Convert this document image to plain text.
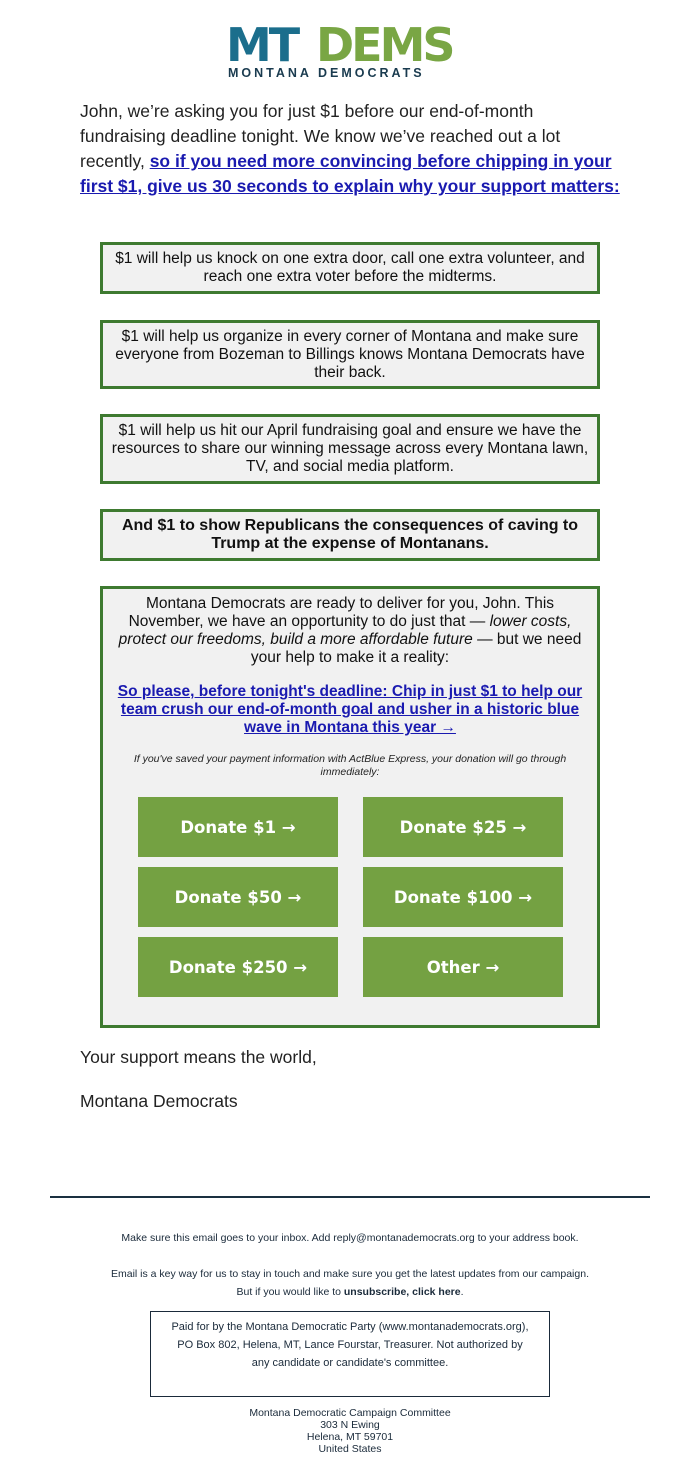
MT DEMS
MONTANA DEMOCRATS

John, we’re asking you for just $1 before our end-of-month fundraising deadline tonight. We know we’ve reached out a lot recently, so if you need more convincing before chipping in your first $1, give us 30 seconds to explain why your support matters:

$1 will help us knock on one extra door, call one extra volunteer, and reach one extra voter before the midterms.
$1 will help us organize in every corner of Montana and make sure everyone from Bozeman to Billings knows Montana Democrats have their back.
$1 will help us hit our April fundraising goal and ensure we have the resources to share our winning message across every Montana lawn, TV, and social media platform.
And $1 to show Republicans the consequences of caving to Trump at the expense of Montanans.

Montana Democrats are ready to deliver for you, John. This November, we have an opportunity to do just that — lower costs, protect our freedoms, build a more affordable future — but we need your help to make it a reality:

So please, before tonight's deadline: Chip in just $1 to help our team crush our end-of-month goal and usher in a historic blue wave in Montana this year →

If you've saved your payment information with ActBlue Express, your donation will go through immediately:

Donate $1 →	Donate $25 →
Donate $50 →	Donate $100 →
Donate $250 →	Other →

Your support means the world,

Montana Democrats

Make sure this email goes to your inbox. Add reply@montanademocrats.org to your address book.

Email is a key way for us to stay in touch and make sure you get the latest updates from our campaign.

But if you would like to unsubscribe, click here.

Paid for by the Montana Democratic Party (www.montanademocrats.org), PO Box 802, Helena, MT, Lance Fourstar, Treasurer. Not authorized by any candidate or candidate's committee.
Montana Democratic Campaign Committee
303 N Ewing
Helena, MT 59701
United States
